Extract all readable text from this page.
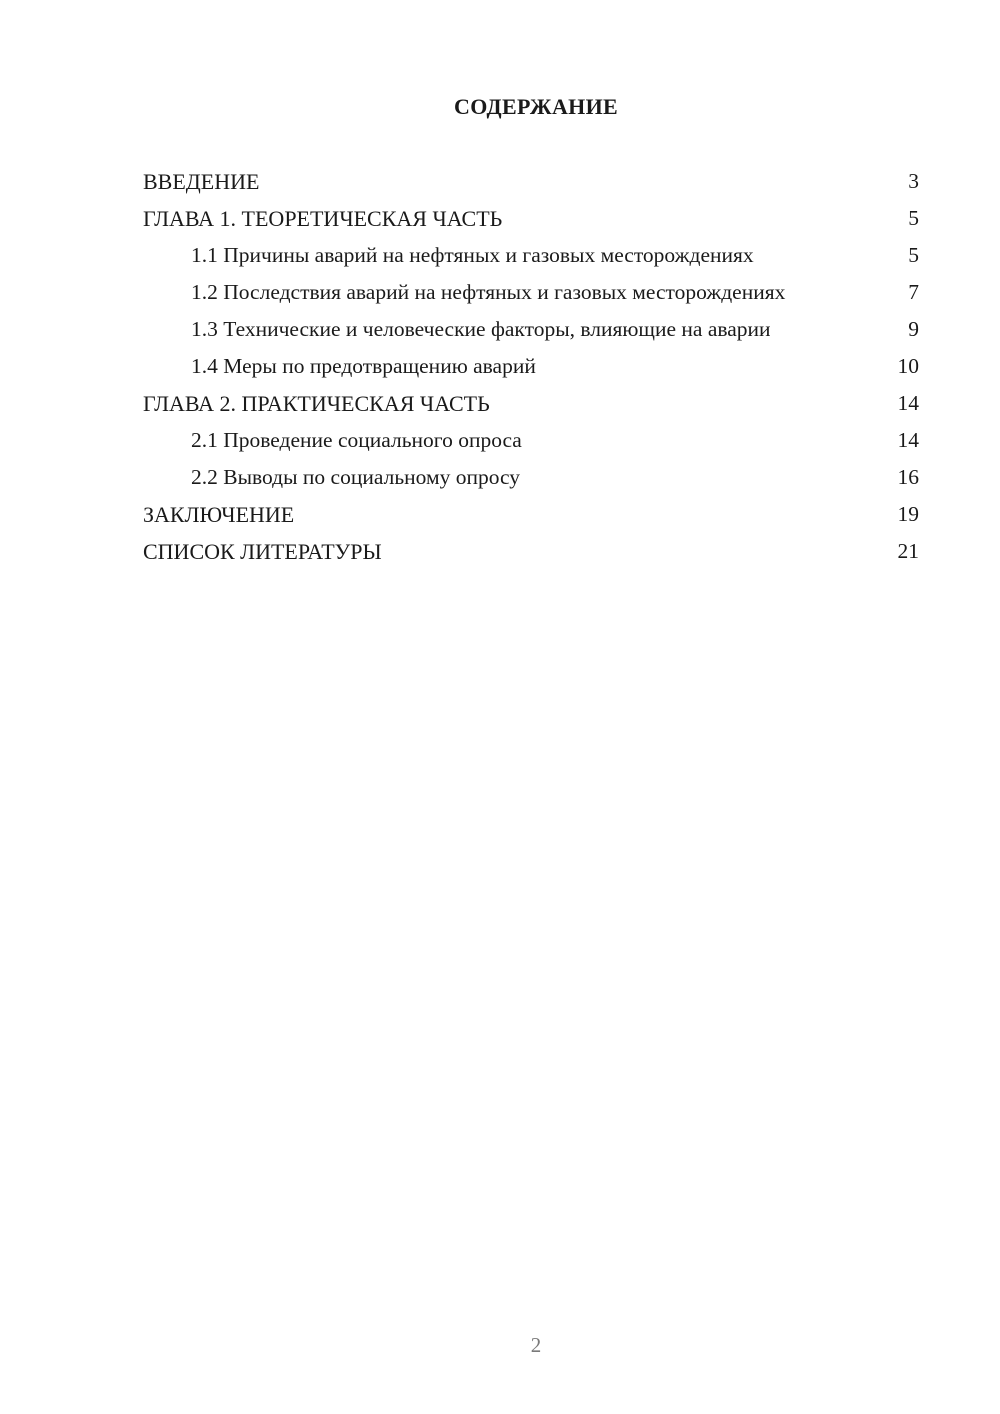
СОДЕРЖАНИЕ
ВВЕДЕНИЕ	3
ГЛАВА 1. ТЕОРЕТИЧЕСКАЯ ЧАСТЬ	5
1.1 Причины аварий на нефтяных и газовых месторождениях	5
1.2 Последствия аварий на нефтяных и газовых месторождениях	7
1.3 Технические и человеческие факторы, влияющие на аварии	9
1.4 Меры по предотвращению аварий	10
ГЛАВА 2. ПРАКТИЧЕСКАЯ ЧАСТЬ	14
2.1 Проведение социального опроса	14
2.2 Выводы по социальному опросу	16
ЗАКЛЮЧЕНИЕ	19
СПИСОК ЛИТЕРАТУРЫ	21
2
